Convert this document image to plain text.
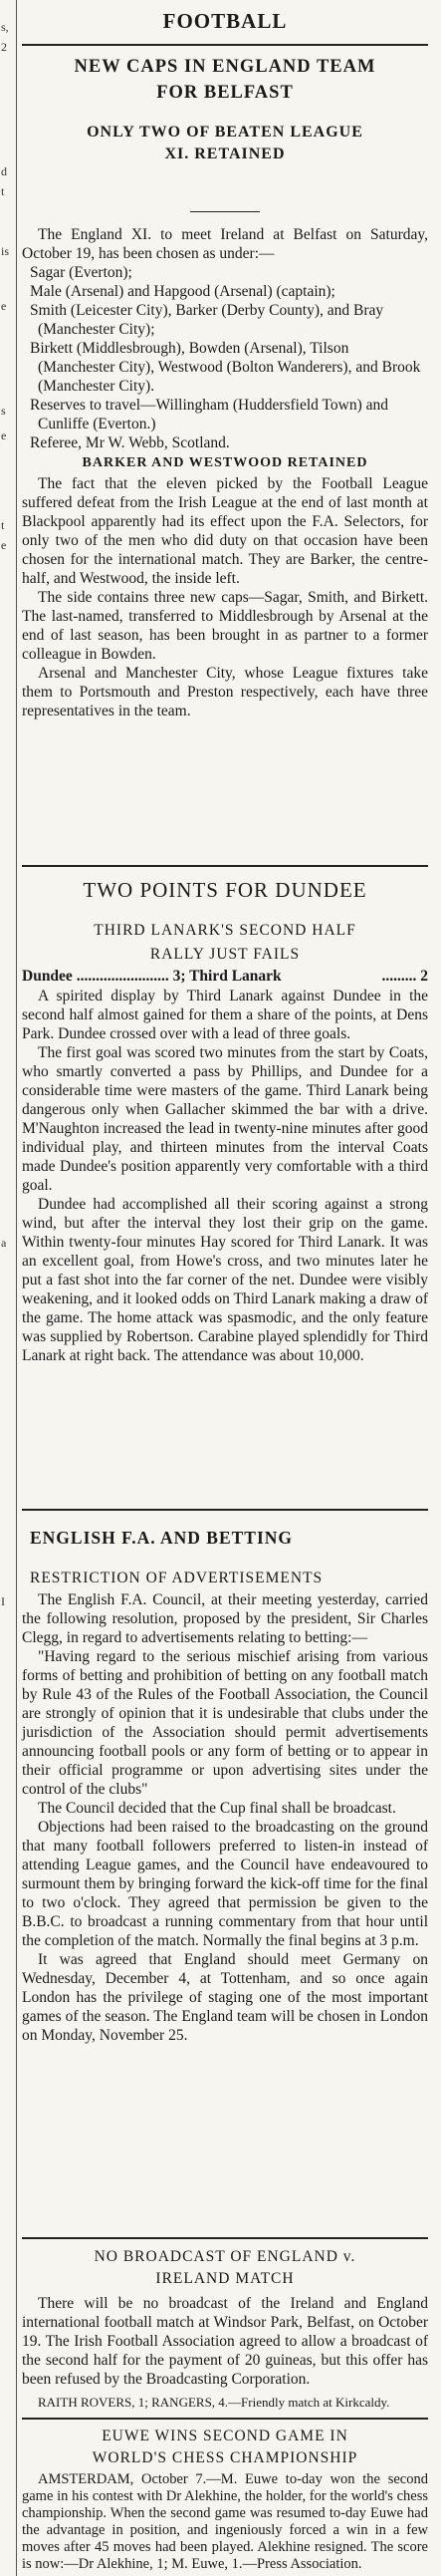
s,
2
d
t
is
e
s
e
t
e
a
I

FOOTBALL

NEW CAPS IN ENGLAND TEAM

FOR BELFAST

ONLY TWO OF BEATEN LEAGUE

XI. RETAINED

The England XI. to meet Ireland at Belfast on Saturday, October 19, has been chosen as under:—

Sagar (Everton);

Male (Arsenal) and Hapgood (Arsenal) (captain);

Smith (Leicester City), Barker (Derby County), and Bray (Manchester City);

Birkett (Middlesbrough), Bowden (Arsenal), Tilson (Manchester City), Westwood (Bolton Wanderers), and Brook (Manchester City).

Reserves to travel—Willingham (Huddersfield Town) and Cunliffe (Everton.)

Referee, Mr W. Webb, Scotland.

BARKER AND WESTWOOD RETAINED

The fact that the eleven picked by the Football League suffered defeat from the Irish League at the end of last month at Blackpool apparently had its effect upon the F.A. Selectors, for only two of the men who did duty on that occasion have been chosen for the international match. They are Barker, the centre-half, and Westwood, the inside left.

The side contains three new caps—Sagar, Smith, and Birkett. The last-named, transferred to Middlesbrough by Arsenal at the end of last season, has been brought in as partner to a former colleague in Bowden.

Arsenal and Manchester City, whose League fixtures take them to Portsmouth and Preston respectively, each have three representatives in the team.

TWO POINTS FOR DUNDEE

THIRD LANARK'S SECOND HALF

RALLY JUST FAILS

Dundee ........................ 3; Third Lanark	......... 2

A spirited display by Third Lanark against Dundee in the second half almost gained for them a share of the points, at Dens Park. Dundee crossed over with a lead of three goals.

The first goal was scored two minutes from the start by Coats, who smartly converted a pass by Phillips, and Dundee for a considerable time were masters of the game. Third Lanark being dangerous only when Gallacher skimmed the bar with a drive. M'Naughton increased the lead in twenty-nine minutes after good individual play, and thirteen minutes from the interval Coats made Dundee's position apparently very comfortable with a third goal.

Dundee had accomplished all their scoring against a strong wind, but after the interval they lost their grip on the game. Within twenty-four minutes Hay scored for Third Lanark. It was an excellent goal, from Howe's cross, and two minutes later he put a fast shot into the far corner of the net. Dundee were visibly weakening, and it looked odds on Third Lanark making a draw of the game. The home attack was spasmodic, and the only feature was supplied by Robertson. Carabine played splendidly for Third Lanark at right back. The attendance was about 10,000.

ENGLISH F.A. AND BETTING

RESTRICTION OF ADVERTISEMENTS

The English F.A. Council, at their meeting yesterday, carried the following resolution, proposed by the president, Sir Charles Clegg, in regard to advertisements relating to betting:—

"Having regard to the serious mischief arising from various forms of betting and prohibition of betting on any football match by Rule 43 of the Rules of the Football Association, the Council are strongly of opinion that it is undesirable that clubs under the jurisdiction of the Association should permit advertisements announcing football pools or any form of betting or to appear in their official programme or upon advertising sites under the control of the clubs"

The Council decided that the Cup final shall be broadcast.

Objections had been raised to the broadcasting on the ground that many football followers preferred to listen-in instead of attending League games, and the Council have endeavoured to surmount them by bringing forward the kick-off time for the final to two o'clock. They agreed that permission be given to the B.B.C. to broadcast a running commentary from that hour until the completion of the match. Normally the final begins at 3 p.m.

It was agreed that England should meet Germany on Wednesday, December 4, at Tottenham, and so once again London has the privilege of staging one of the most important games of the season. The England team will be chosen in London on Monday, November 25.

NO BROADCAST OF ENGLAND v.

IRELAND MATCH

There will be no broadcast of the Ireland and England international football match at Windsor Park, Belfast, on October 19. The Irish Football Association agreed to allow a broadcast of the second half for the payment of 20 guineas, but this offer has been refused by the Broadcasting Corporation.

RAITH ROVERS, 1; RANGERS, 4.—Friendly match at Kirkcaldy.

EUWE WINS SECOND GAME IN

WORLD'S CHESS CHAMPIONSHIP

AMSTERDAM, October 7.—M. Euwe to-day won the second game in his contest with Dr Alekhine, the holder, for the world's chess championship. When the second game was resumed to-day Euwe had the advantage in position, and ingeniously forced a win in a few moves after 45 moves had been played. Alekhine resigned. The score is now:—Dr Alekhine, 1; M. Euwe, 1.—Press Association.
